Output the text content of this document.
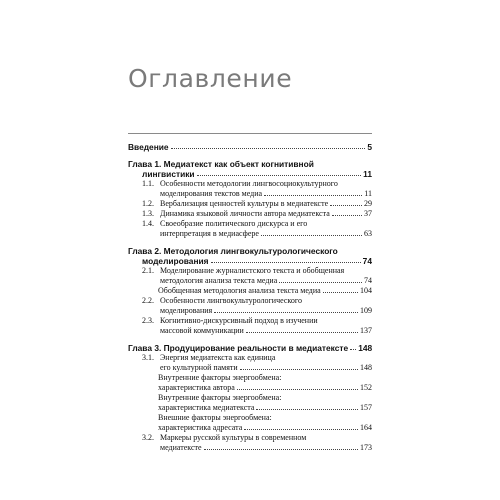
Оглавление
Введение	5
Глава 1. Медиатекст как объект когнитивной
лингвистики	11
1.1. Особенности методологии лингвосоциокультурного
моделирования текстов медиа	11
1.2. Вербализация ценностей культуры в медиатексте	29
1.3. Динамика языковой личности автора медиатекста	37
1.4. Своеобразие политического дискурса и его
интерпретация в медиасфере	63
Глава 2. Методология лингвокультурологического
моделирования	74
2.1. Моделирование журналистского текста и обобщенная
методология анализа текста медиа	74
Обобщенная методология анализа текста медиа	104
2.2. Особенности лингвокультурологического
моделирования	109
2.3. Когнитивно-дискурсивный подход в изучении
массовой коммуникации	137
Глава 3. Продуцирование реальности в медиатексте 148
3.1. Энергия медиатекста как единица
его культурной памяти	148
Внутренние факторы энергообмена:
характеристика автора	152
Внутренние факторы энергообмена:
характеристика медиатекста	157
Внешние факторы энергообмена:
характеристика адресата	164
3.2. Маркеры русской культуры в современном
медиатексте	173
